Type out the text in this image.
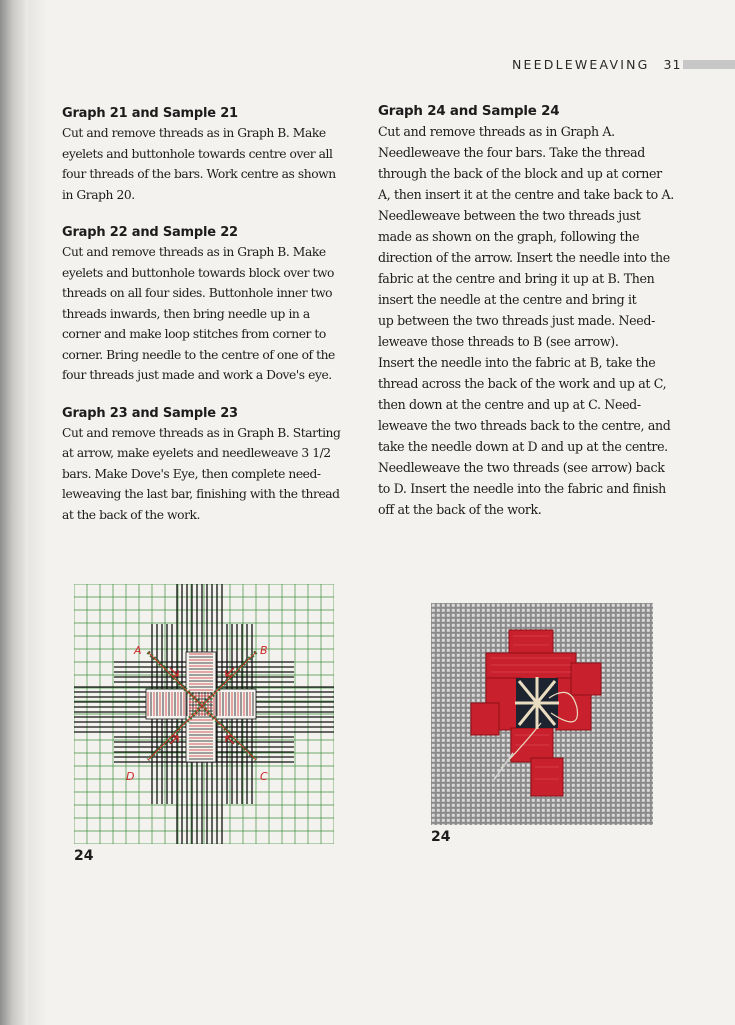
NEEDLEWEAVING 31
Graph 21 and Sample 21

Cut and remove threads as in Graph B. Make
eyelets and buttonhole towards centre over all
four threads of the bars. Work centre as shown
in Graph 20.

Graph 22 and Sample 22

Cut and remove threads as in Graph B. Make
eyelets and buttonhole towards block over two
threads on all four sides. Buttonhole inner two
threads inwards, then bring needle up in a
corner and make loop stitches from corner to
corner. Bring needle to the centre of one of the
four threads just made and work a Dove's eye.

Graph 23 and Sample 23

Cut and remove threads as in Graph B. Starting
at arrow, make eyelets and needleweave 3 1/2
bars. Make Dove's Eye, then complete need-
leweaving the last bar, finishing with the thread
at the back of the work.

Graph 24 and Sample 24

Cut and remove threads as in Graph A.
Needleweave the four bars. Take the thread
through the back of the block and up at corner
A, then insert it at the centre and take back to A.
Needleweave between the two threads just
made as shown on the graph, following the
direction of the arrow. Insert the needle into the
fabric at the centre and bring it up at B. Then
insert the needle at the centre and bring it
up between the two threads just made. Need-
leweave those threads to B (see arrow).
Insert the needle into the fabric at B, take the
thread across the back of the work and up at C,
then down at the centre and up at C. Need-
leweave the two threads back to the centre, and
take the needle down at D and up at the centre.
Needleweave the two threads (see arrow) back
to D. Insert the needle into the fabric and finish
off at the back of the work.

A	B
C
D
24
24
